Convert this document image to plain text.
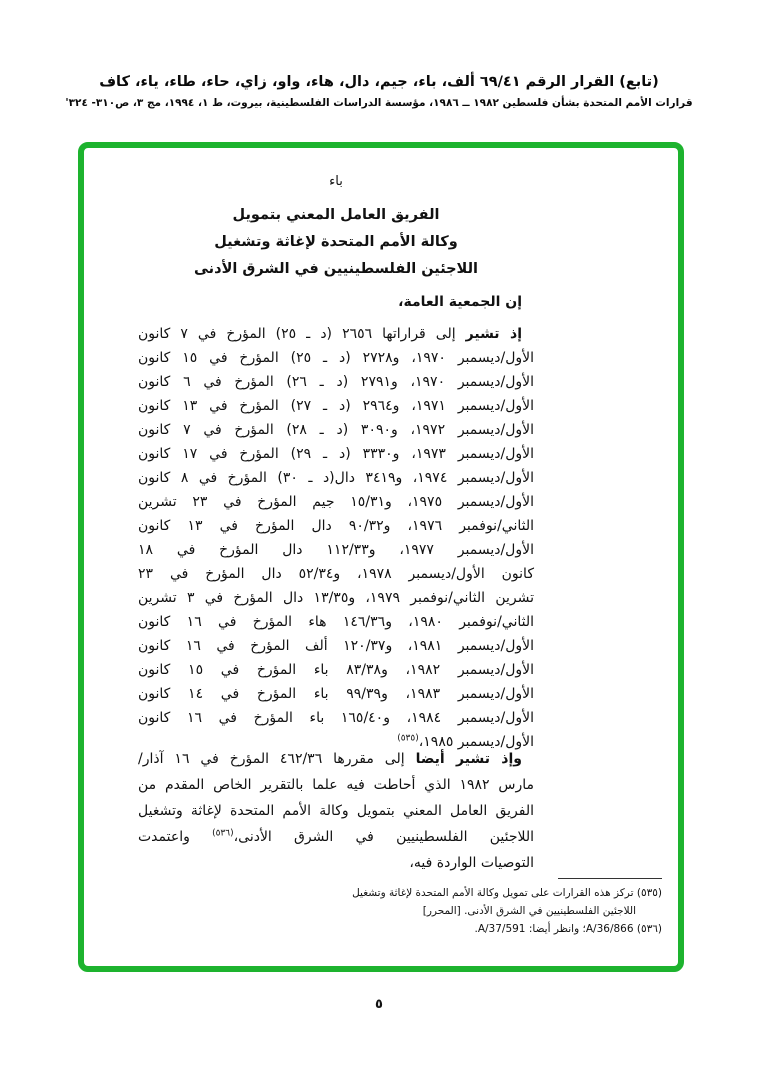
(تابع) القرار الرقم ٦٩/٤١ ألف، باء، جيم، دال، هاء، واو، زاي، حاء، طاء، ياء، كاف
قرارات الأمم المتحدة بشأن فلسطين ١٩٨٢ ــ ١٩٨٦، مؤسسة الدراسات الفلسطينية، بيروت، ط ١، ١٩٩٤، مج ٣، ص٣١٠- ٣٢٤'
باء
الفريق العامل المعني بتمويل
وكالة الأمم المتحدة لإغاثة وتشغيل
اللاجئين الفلسطينيين في الشرق الأدنى
إن الجمعية العامة،
إذ تشير إلى قراراتها ٢٦٥٦ (د ـ ٢٥) المؤرخ في ٧ كانون
الأول/ديسمبر ١٩٧٠، و٢٧٢٨ (د ـ ٢٥) المؤرخ في ١٥ كانون
الأول/ديسمبر ١٩٧٠، و٢٧٩١ (د ـ ٢٦) المؤرخ في ٦ كانون
الأول/ديسمبر ١٩٧١، و٢٩٦٤ (د ـ ٢٧) المؤرخ في ١٣ كانون
الأول/ديسمبر ١٩٧٢، و٣٠٩٠ (د ـ ٢٨) المؤرخ في ٧ كانون
الأول/ديسمبر ١٩٧٣، و٣٣٣٠ (د ـ ٢٩) المؤرخ في ١٧ كانون
الأول/ديسمبر ١٩٧٤، و٣٤١٩ دال(د ـ ٣٠) المؤرخ في ٨ كانون
الأول/ديسمبر ١٩٧٥، و١٥/٣١ جيم المؤرخ في ٢٣ تشرين
الثاني/نوفمبر ١٩٧٦، و٩٠/٣٢ دال المؤرخ في ١٣ كانون
الأول/ديسمبر ١٩٧٧، و١١٢/٣٣ دال المؤرخ في ١٨
كانون الأول/ديسمبر ١٩٧٨، و٥٢/٣٤ دال المؤرخ في ٢٣
تشرين الثاني/نوفمبر ١٩٧٩، و١٣/٣٥ دال المؤرخ في ٣ تشرين
الثاني/نوفمبر ١٩٨٠، و١٤٦/٣٦ هاء المؤرخ في ١٦ كانون
الأول/ديسمبر ١٩٨١، و١٢٠/٣٧ ألف المؤرخ في ١٦ كانون
الأول/ديسمبر ١٩٨٢، و٨٣/٣٨ باء المؤرخ في ١٥ كانون
الأول/ديسمبر ١٩٨٣، و٩٩/٣٩ باء المؤرخ في ١٤ كانون
الأول/ديسمبر ١٩٨٤، و١٦٥/٤٠ باء المؤرخ في ١٦ كانون
الأول/ديسمبر ١٩٨٥،$^{(٥٣٥)}$
وإذ تشير أيضا إلى مقررها ٤٦٢/٣٦ المؤرخ في ١٦ آذار/
مارس ١٩٨٢ الذي أحاطت فيه علما بالتقرير الخاص المقدم من
الفريق العامل المعني بتمويل وكالة الأمم المتحدة لإغاثة وتشغيل
اللاجئين الفلسطينيين في الشرق الأدنى،$^{(٥٣٦)}$ واعتمدت
التوصيات الواردة فيه،
(٥٣٥) تركز هذه القرارات على تمويل وكالة الأمم المتحدة لإغاثة وتشغيل
اللاجئين الفلسطينيين في الشرق الأدنى. [المحرر]
(٥٣٦) A/36/866؛ وانظر أيضا: A/37/591.
٥
